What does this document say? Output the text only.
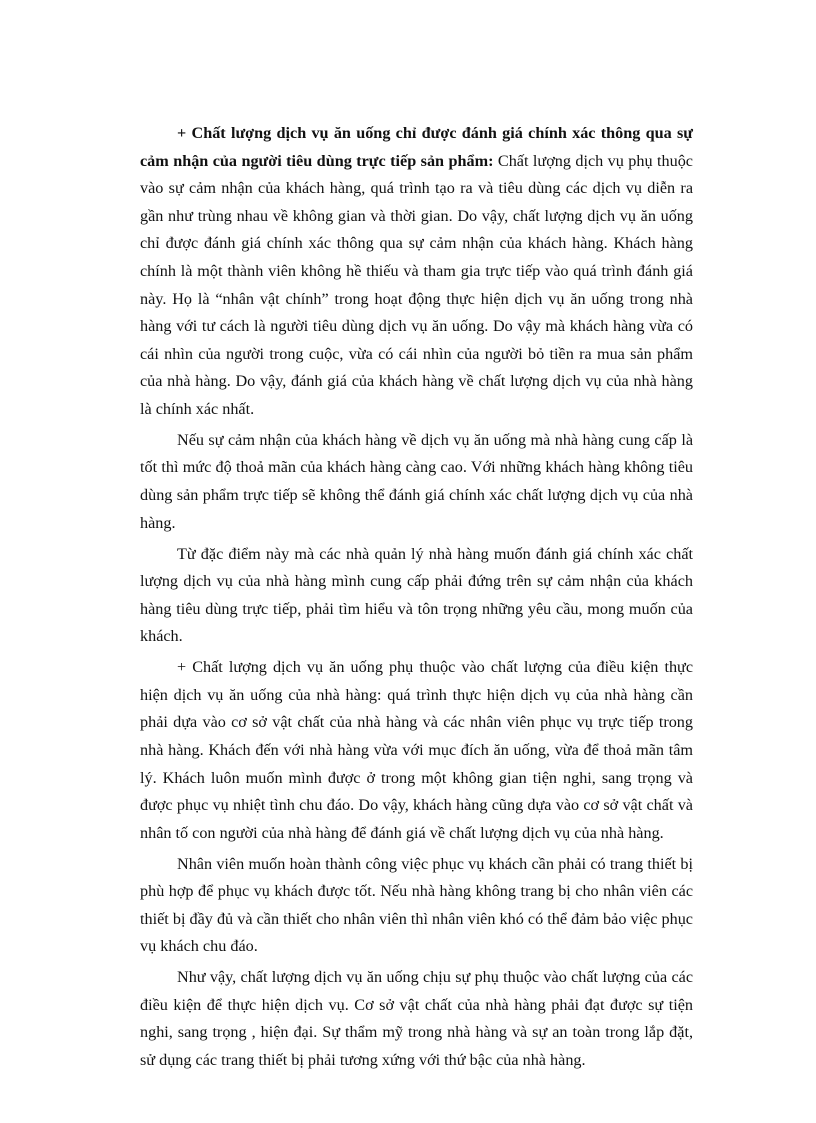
+ Chất lượng dịch vụ ăn uống chỉ được đánh giá chính xác thông qua sự cảm nhận của người tiêu dùng trực tiếp sản phẩm: Chất lượng dịch vụ phụ thuộc vào sự cảm nhận của khách hàng, quá trình tạo ra và tiêu dùng các dịch vụ diễn ra gần như trùng nhau về không gian và thời gian. Do vậy, chất lượng dịch vụ ăn uống chỉ được đánh giá chính xác thông qua sự cảm nhận của khách hàng. Khách hàng chính là một thành viên không hề thiếu và tham gia trực tiếp vào quá trình đánh giá này. Họ là “nhân vật chính” trong hoạt động thực hiện dịch vụ ăn uống trong nhà hàng với tư cách là người tiêu dùng dịch vụ ăn uống. Do vậy mà khách hàng vừa có cái nhìn của người trong cuộc, vừa có cái nhìn của người bỏ tiền ra mua sản phẩm của nhà hàng. Do vậy, đánh giá của khách hàng về chất lượng dịch vụ của nhà hàng là chính xác nhất.

Nếu sự cảm nhận của khách hàng về dịch vụ ăn uống mà nhà hàng cung cấp là tốt thì mức độ thoả mãn của khách hàng càng cao. Với những khách hàng không tiêu dùng sản phẩm trực tiếp sẽ không thể đánh giá chính xác chất lượng dịch vụ của nhà hàng.

Từ đặc điểm này mà các nhà quản lý nhà hàng muốn đánh giá chính xác chất lượng dịch vụ của nhà hàng mình cung cấp phải đứng trên sự cảm nhận của khách hàng tiêu dùng trực tiếp, phải tìm hiểu và tôn trọng những yêu cầu, mong muốn của khách.

+ Chất lượng dịch vụ ăn uống phụ thuộc vào chất lượng của điều kiện thực hiện dịch vụ ăn uống của nhà hàng: quá trình thực hiện dịch vụ của nhà hàng cần phải dựa vào cơ sở vật chất của nhà hàng và các nhân viên phục vụ trực tiếp trong nhà hàng. Khách đến với nhà hàng vừa với mục đích ăn uống, vừa để thoả mãn tâm lý. Khách luôn muốn mình được ở trong một không gian tiện nghi, sang trọng và được phục vụ nhiệt tình chu đáo. Do vậy, khách hàng cũng dựa vào cơ sở vật chất và nhân tố con người của nhà hàng để đánh giá về chất lượng dịch vụ của nhà hàng.

Nhân viên muốn hoàn thành công việc phục vụ khách cần phải có trang thiết bị phù hợp để phục vụ khách được tốt. Nếu nhà hàng không trang bị cho nhân viên các thiết bị đầy đủ và cần thiết cho nhân viên thì nhân viên khó có thể đảm bảo việc phục vụ khách chu đáo.

Như vậy, chất lượng dịch vụ ăn uống chịu sự phụ thuộc vào chất lượng của các điều kiện để thực hiện dịch vụ. Cơ sở vật chất của nhà hàng phải đạt được sự tiện nghi, sang trọng , hiện đại. Sự thẩm mỹ trong nhà hàng và sự an toàn trong lắp đặt, sử dụng các trang thiết bị phải tương xứng với thứ bậc của nhà hàng.
